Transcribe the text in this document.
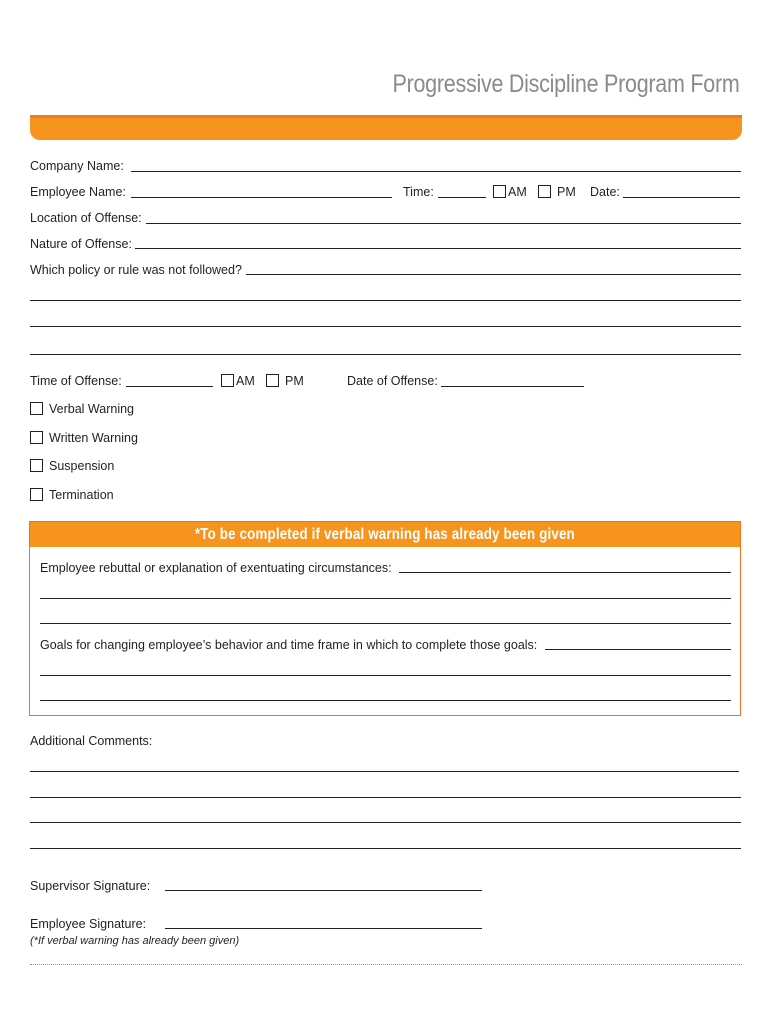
Progressive Discipline Program Form
Company Name:
Employee Name:	Time:	AM PM Date:
Location of Offense:
Nature of Offense:
Which policy or rule was not followed?
Time of Offense:	AM PM	Date of Offense:
Verbal Warning
Written Warning
Suspension
Termination
*To be completed if verbal warning has already been given
Employee rebuttal or explanation of exentuating circumstances:
Goals for changing employee’s behavior and time frame in which to complete those goals:
Additional Comments:
Supervisor Signature:
Employee Signature:
(*If verbal warning has already been given)
